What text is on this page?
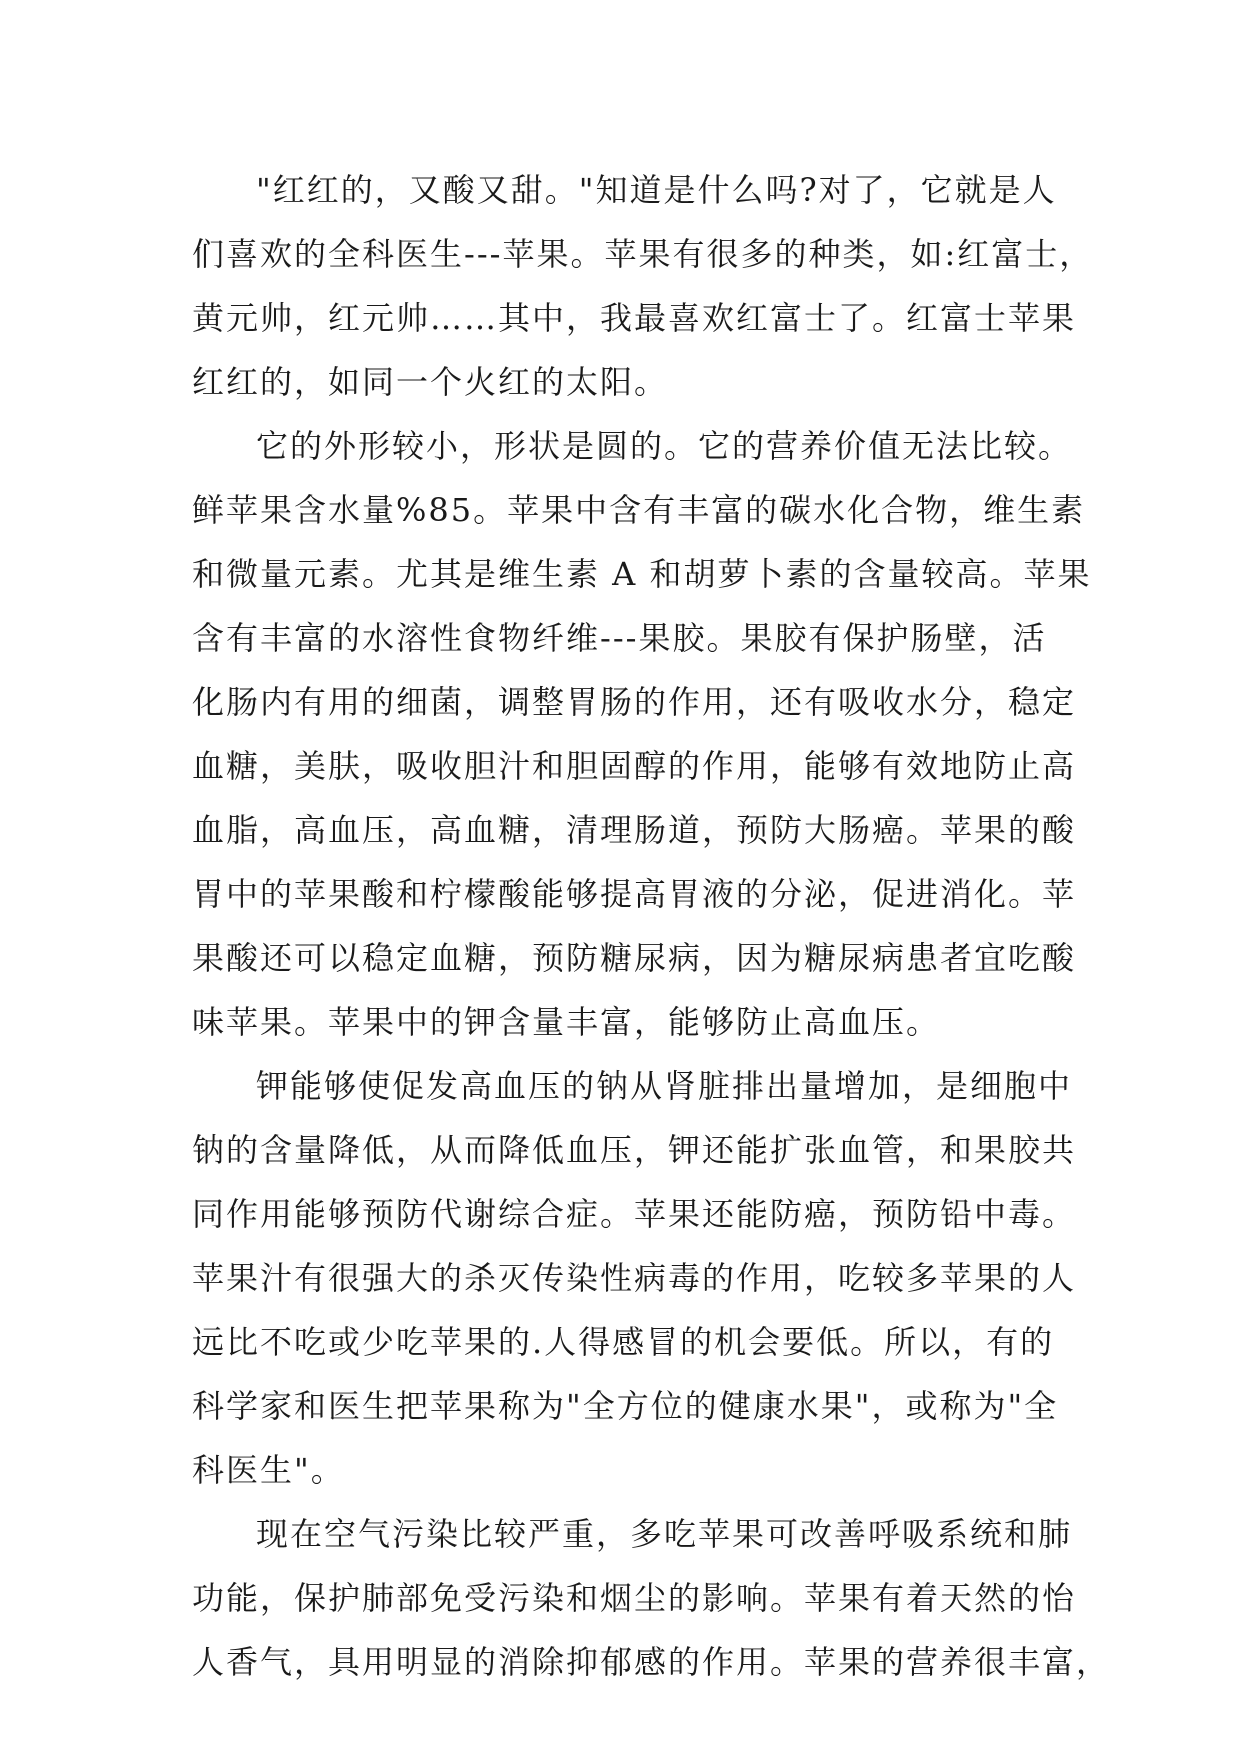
"红红的，又酸又甜。"知道是什么吗?对了，它就是人
们喜欢的全科医生---苹果。苹果有很多的种类，如:红富士，
黄元帅，红元帅……其中，我最喜欢红富士了。红富士苹果
红红的，如同一个火红的太阳。
它的外形较小，形状是圆的。它的营养价值无法比较。
鲜苹果含水量%85。苹果中含有丰富的碳水化合物，维生素
和微量元素。尤其是维生素 A 和胡萝卜素的含量较高。苹果
含有丰富的水溶性食物纤维---果胶。果胶有保护肠壁，活
化肠内有用的细菌，调整胃肠的作用，还有吸收水分，稳定
血糖，美肤，吸收胆汁和胆固醇的作用，能够有效地防止高
血脂，高血压，高血糖，清理肠道，预防大肠癌。苹果的酸
胃中的苹果酸和柠檬酸能够提高胃液的分泌，促进消化。苹
果酸还可以稳定血糖，预防糖尿病，因为糖尿病患者宜吃酸
味苹果。苹果中的钾含量丰富，能够防止高血压。
钾能够使促发高血压的钠从肾脏排出量增加，是细胞中
钠的含量降低，从而降低血压，钾还能扩张血管，和果胶共
同作用能够预防代谢综合症。苹果还能防癌，预防铅中毒。
苹果汁有很强大的杀灭传染性病毒的作用，吃较多苹果的人
远比不吃或少吃苹果的.人得感冒的机会要低。所以，有的
科学家和医生把苹果称为"全方位的健康水果"，或称为"全
科医生"。
现在空气污染比较严重，多吃苹果可改善呼吸系统和肺
功能，保护肺部免受污染和烟尘的影响。苹果有着天然的怡
人香气，具用明显的消除抑郁感的作用。苹果的营养很丰富，
